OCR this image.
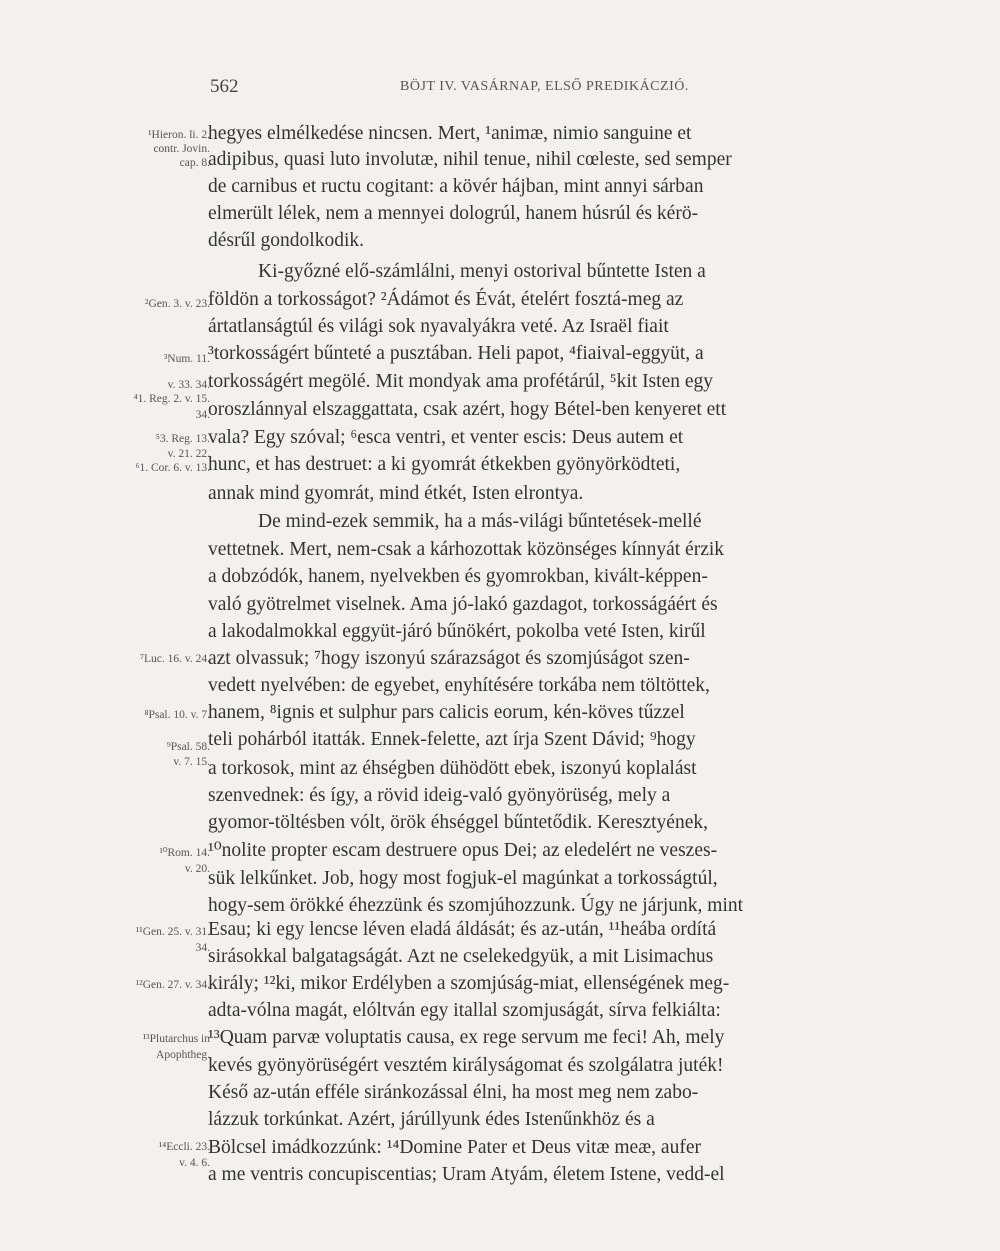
562	BÖJT IV. VASÁRNAP, ELSŐ PREDIKÁCZIÓ.
¹Hieron. li. 2.
contr. Jovin.
cap. 8.
²Gen. 3. v. 23.
³Num. 11.
v. 33. 34.
⁴1. Reg. 2. v. 15.
34.
⁵3. Reg. 13.
v. 21. 22.
⁶1. Cor. 6. v. 13.
⁷Luc. 16. v. 24.
⁸Psal. 10. v. 7.
⁹Psal. 58.
v. 7. 15.
¹⁰Rom. 14.
v. 20.
¹¹Gen. 25. v. 31.
34.
¹²Gen. 27. v. 34.
¹³Plutarchus in
Apophtheg.
¹⁴Eccli. 23.
v. 4. 6.
hegyes elmélkedése nincsen. Mert, ¹animæ, nimio sanguine et
adipibus, quasi luto involutæ, nihil tenue, nihil cœleste, sed semper
de carnibus et ructu cogitant: a kövér hájban, mint annyi sárban
elmerült lélek, nem a mennyei dologrúl, hanem húsrúl és kérö-
désrűl gondolkodik.
Ki-győzné elő-számlálni, menyi ostorival bűntette Isten a
földön a torkosságot? ²Ádámot és Évát, ételért fosztá-meg az
ártatlanságtúl és világi sok nyavalyákra veté. Az Israël fiait
³torkosságért bűnteté a pusztában. Heli papot, ⁴fiaival-eggyüt, a
torkosságért megölé. Mit mondyak ama profétárúl, ⁵kit Isten egy
oroszlánnyal elszaggattata, csak azért, hogy Bétel-ben kenyeret ett
vala? Egy szóval; ⁶esca ventri, et venter escis: Deus autem et
hunc, et has destruet: a ki gyomrát étkekben gyönyörködteti,
annak mind gyomrát, mind étkét, Isten elrontya.
De mind-ezek semmik, ha a más-világi bűntetések-mellé
vettetnek. Mert, nem-csak a kárhozottak közönséges kínnyát érzik
a dobzódók, hanem, nyelvekben és gyomrokban, kivált-képpen-
való gyötrelmet viselnek. Ama jó-lakó gazdagot, torkosságáért és
a lakodalmokkal eggyüt-járó bűnökért, pokolba veté Isten, kirűl
azt olvassuk; ⁷hogy iszonyú szárazságot és szomjúságot szen-
vedett nyelvében: de egyebet, enyhítésére torkába nem töltöttek,
hanem, ⁸ignis et sulphur pars calicis eorum, kén-köves tűzzel
teli pohárból itatták. Ennek-felette, azt írja Szent Dávid; ⁹hogy
a torkosok, mint az éhségben dühödött ebek, iszonyú koplalást
szenvednek: és így, a rövid ideig-való gyönyörüség, mely a
gyomor-töltésben vólt, örök éhséggel bűntetődik. Keresztyének,
¹⁰nolite propter escam destruere opus Dei; az eledelért ne veszes-
sük lelkűnket. Job, hogy most fogjuk-el magúnkat a torkosságtúl,
hogy-sem örökké éhezzünk és szomjúhozzunk. Úgy ne járjunk, mint
Esau; ki egy lencse léven eladá áldását; és az-után, ¹¹heába ordítá
sirásokkal balgatagságát. Azt ne cselekedgyük, a mit Lisimachus
király; ¹²ki, mikor Erdélyben a szomjúság-miat, ellenségének meg-
adta-vólna magát, elóltván egy itallal szomjuságát, sírva felkiálta:
¹³Quam parvæ voluptatis causa, ex rege servum me feci! Ah, mely
kevés gyönyörüségért vesztém királyságomat és szolgálatra juték!
Késő az-után efféle siránkozással élni, ha most meg nem zabo-
lázzuk torkúnkat. Azért, járúllyunk édes Istenűnkhöz és a
Bölcsel imádkozzúnk: ¹⁴Domine Pater et Deus vitæ meæ, aufer
a me ventris concupiscentias; Uram Atyám, életem Istene, vedd-el
